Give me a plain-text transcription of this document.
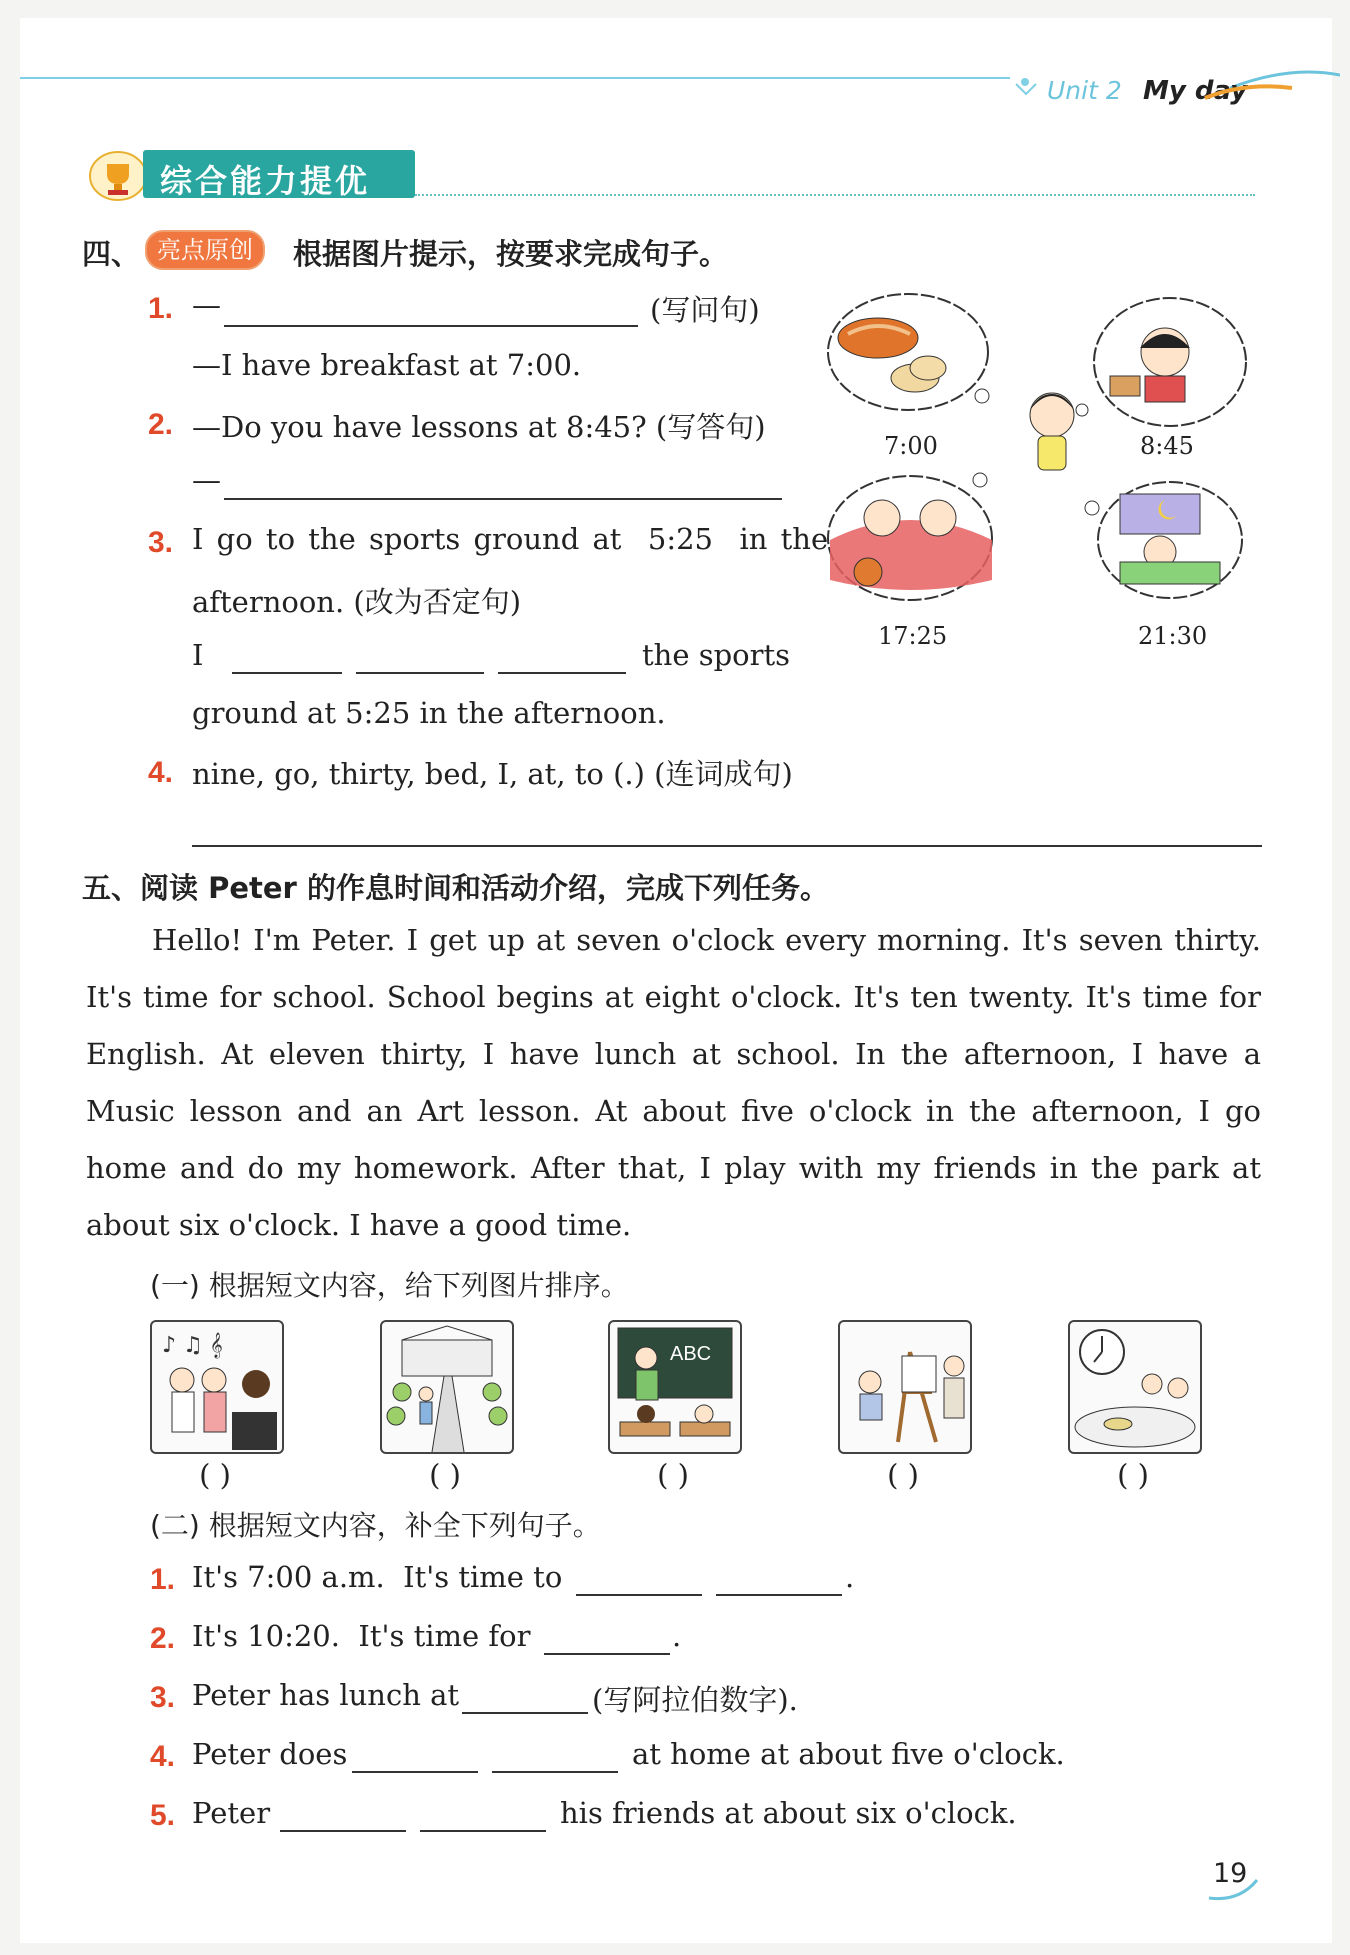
Unit 2 My day
综合能力提优
四、 亮点原创	根据图片提示，按要求完成句子。
1. —	(写问句)
—I have breakfast at 7:00.
2. —Do you have lessons at 8:45? (写答句)
—
3. I go to the sports ground at  5:25  in the
afternoon. (改为否定句)
I	the sports
ground at 5:25 in the afternoon.
4. nine, go, thirty, bed, I, at, to (.) (连词成句)
7:00	8:45
17:25	21:30
五、阅读 Peter 的作息时间和活动介绍，完成下列任务。
Hello! I'm Peter. I get up at seven o'clock every morning. It's seven thirty. It's time for school. School begins at eight o'clock. It's ten twenty. It's time for English. At eleven thirty, I have lunch at school. In the afternoon, I have a Music lesson and an Art lesson. At about five o'clock in the afternoon, I go home and do my homework. After that, I play with my friends in the park at about six o'clock. I have a good time.
(一) 根据短文内容，给下列图片排序。
♪ ♫ 𝄞	ABC
( )	( )	( )	( )	( )
(二) 根据短文内容，补全下列句子。
1. It's 7:00 a.m.  It's time to	.
2. It's 10:20.  It's time for	.
3. Peter has lunch at	(写阿拉伯数字).
4. Peter does	at home at about five o'clock.
5. Peter	his friends at about six o'clock.
19
